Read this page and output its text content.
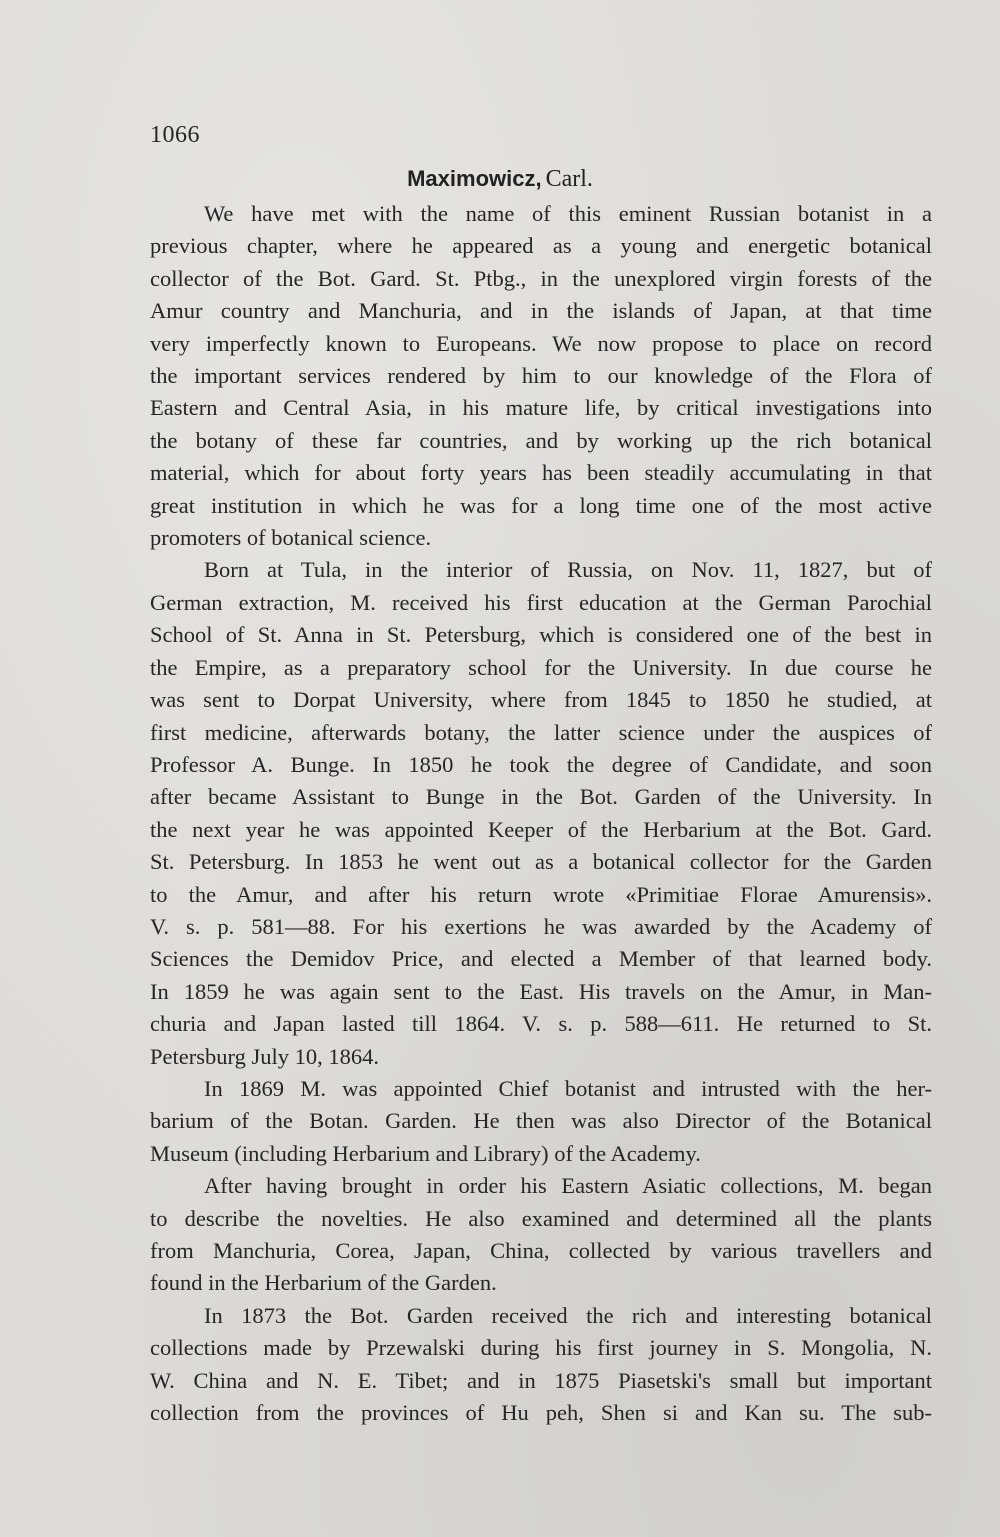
1066
Maximowicz, Carl.
We have met with the name of this eminent Russian botanist in a
previous chapter, where he appeared as a young and energetic botanical
collector of the Bot. Gard. St. Ptbg., in the unexplored virgin forests of the
Amur country and Manchuria, and in the islands of Japan, at that time
very imperfectly known to Europeans. We now propose to place on record
the important services rendered by him to our knowledge of the Flora of
Eastern and Central Asia, in his mature life, by critical investigations into
the botany of these far countries, and by working up the rich botanical
material, which for about forty years has been steadily accumulating in that
great institution in which he was for a long time one of the most active
promoters of botanical science.
Born at Tula, in the interior of Russia, on Nov. 11, 1827, but of
German extraction, M. received his first education at the German Parochial
School of St. Anna in St. Petersburg, which is considered one of the best in
the Empire, as a preparatory school for the University. In due course he
was sent to Dorpat University, where from 1845 to 1850 he studied, at
first medicine, afterwards botany, the latter science under the auspices of
Professor A. Bunge. In 1850 he took the degree of Candidate, and soon
after became Assistant to Bunge in the Bot. Garden of the University. In
the next year he was appointed Keeper of the Herbarium at the Bot. Gard.
St. Petersburg. In 1853 he went out as a botanical collector for the Garden
to the Amur, and after his return wrote «Primitiae Florae Amurensis».
V. s. p. 581—88. For his exertions he was awarded by the Academy of
Sciences the Demidov Price, and elected a Member of that learned body.
In 1859 he was again sent to the East. His travels on the Amur, in Man-
churia and Japan lasted till 1864. V. s. p. 588—611. He returned to St.
Petersburg July 10, 1864.
In 1869 M. was appointed Chief botanist and intrusted with the her-
barium of the Botan. Garden. He then was also Director of the Botanical
Museum (including Herbarium and Library) of the Academy.
After having brought in order his Eastern Asiatic collections, M. began
to describe the novelties. He also examined and determined all the plants
from Manchuria, Corea, Japan, China, collected by various travellers and
found in the Herbarium of the Garden.
In 1873 the Bot. Garden received the rich and interesting botanical
collections made by Przewalski during his first journey in S. Mongolia, N.
W. China and N. E. Tibet; and in 1875 Piasetski's small but important
collection from the provinces of Hu peh, Shen si and Kan su. The sub-
